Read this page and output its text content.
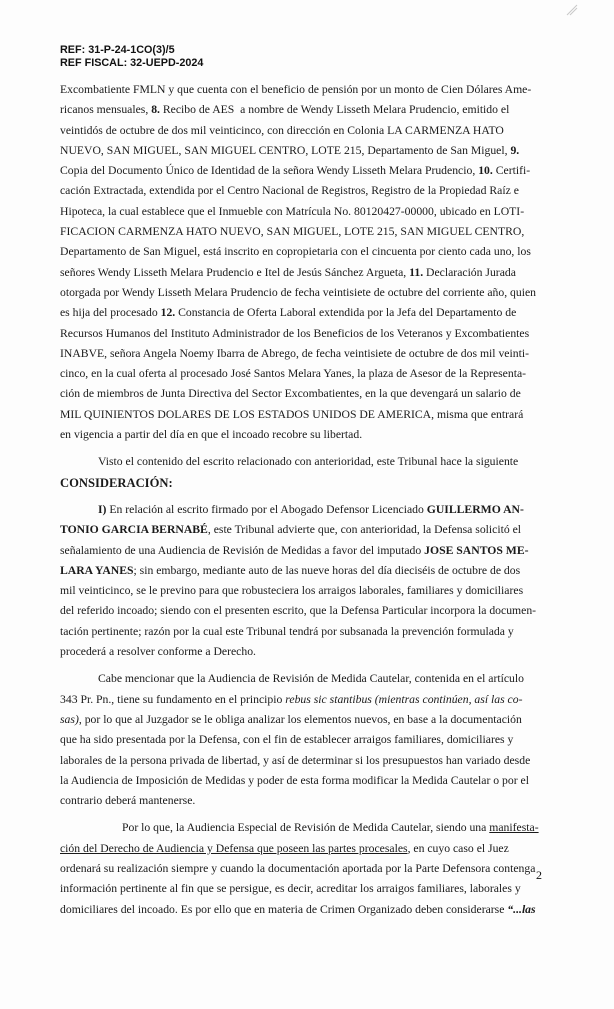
REF: 31-P-24-1CO(3)/5
REF FISCAL: 32-UEPD-2024
Excombatiente FMLN y que cuenta con el beneficio de pensión por un monto de Cien Dólares Ame-
ricanos mensuales, 8. Recibo de AES  a nombre de Wendy Lisseth Melara Prudencio, emitido el
veintidós de octubre de dos mil veinticinco, con dirección en Colonia LA CARMENZA HATO
NUEVO, SAN MIGUEL, SAN MIGUEL CENTRO, LOTE 215, Departamento de San Miguel, 9.
Copia del Documento Único de Identidad de la señora Wendy Lisseth Melara Prudencio, 10. Certifi-
cación Extractada, extendida por el Centro Nacional de Registros, Registro de la Propiedad Raíz e
Hipoteca, la cual establece que el Inmueble con Matrícula No. 80120427-00000, ubicado en LOTI-
FICACION CARMENZA HATO NUEVO, SAN MIGUEL, LOTE 215, SAN MIGUEL CENTRO,
Departamento de San Miguel, está inscrito en copropietaria con el cincuenta por ciento cada uno, los
señores Wendy Lisseth Melara Prudencio e Itel de Jesús Sánchez Argueta, 11. Declaración Jurada
otorgada por Wendy Lisseth Melara Prudencio de fecha veintisiete de octubre del corriente año, quien
es hija del procesado 12. Constancia de Oferta Laboral extendida por la Jefa del Departamento de
Recursos Humanos del Instituto Administrador de los Beneficios de los Veteranos y Excombatientes
INABVE, señora Angela Noemy Ibarra de Abrego, de fecha veintisiete de octubre de dos mil veinti-
cinco, en la cual oferta al procesado José Santos Melara Yanes, la plaza de Asesor de la Representa-
ción de miembros de Junta Directiva del Sector Excombatientes, en la que devengará un salario de
MIL QUINIENTOS DOLARES DE LOS ESTADOS UNIDOS DE AMERICA, misma que entrará
en vigencia a partir del día en que el incoado recobre su libertad.
Visto el contenido del escrito relacionado con anterioridad, este Tribunal hace la siguiente
CONSIDERACIÓN:
I) En relación al escrito firmado por el Abogado Defensor Licenciado GUILLERMO AN-
TONIO GARCIA BERNABÉ, este Tribunal advierte que, con anterioridad, la Defensa solicitó el
señalamiento de una Audiencia de Revisión de Medidas a favor del imputado JOSE SANTOS ME-
LARA YANES; sin embargo, mediante auto de las nueve horas del día dieciséis de octubre de dos
mil veinticinco, se le previno para que robusteciera los arraigos laborales, familiares y domiciliares
del referido incoado; siendo con el presenten escrito, que la Defensa Particular incorpora la documen-
tación pertinente; razón por la cual este Tribunal tendrá por subsanada la prevención formulada y
procederá a resolver conforme a Derecho.
Cabe mencionar que la Audiencia de Revisión de Medida Cautelar, contenida en el artículo
343 Pr. Pn., tiene su fundamento en el principio rebus sic stantibus (mientras continúen, así las co-
sas), por lo que al Juzgador se le obliga analizar los elementos nuevos, en base a la documentación
que ha sido presentada por la Defensa, con el fin de establecer arraigos familiares, domiciliares y
laborales de la persona privada de libertad, y así de determinar si los presupuestos han variado desde
la Audiencia de Imposición de Medidas y poder de esta forma modificar la Medida Cautelar o por el
contrario deberá mantenerse.
Por lo que, la Audiencia Especial de Revisión de Medida Cautelar, siendo una manifesta-
ción del Derecho de Audiencia y Defensa que poseen las partes procesales, en cuyo caso el Juez
ordenará su realización siempre y cuando la documentación aportada por la Parte Defensora contenga
información pertinente al fin que se persigue, es decir, acreditar los arraigos familiares, laborales y
domiciliares del incoado. Es por ello que en materia de Crimen Organizado deben considerarse “...las
2
